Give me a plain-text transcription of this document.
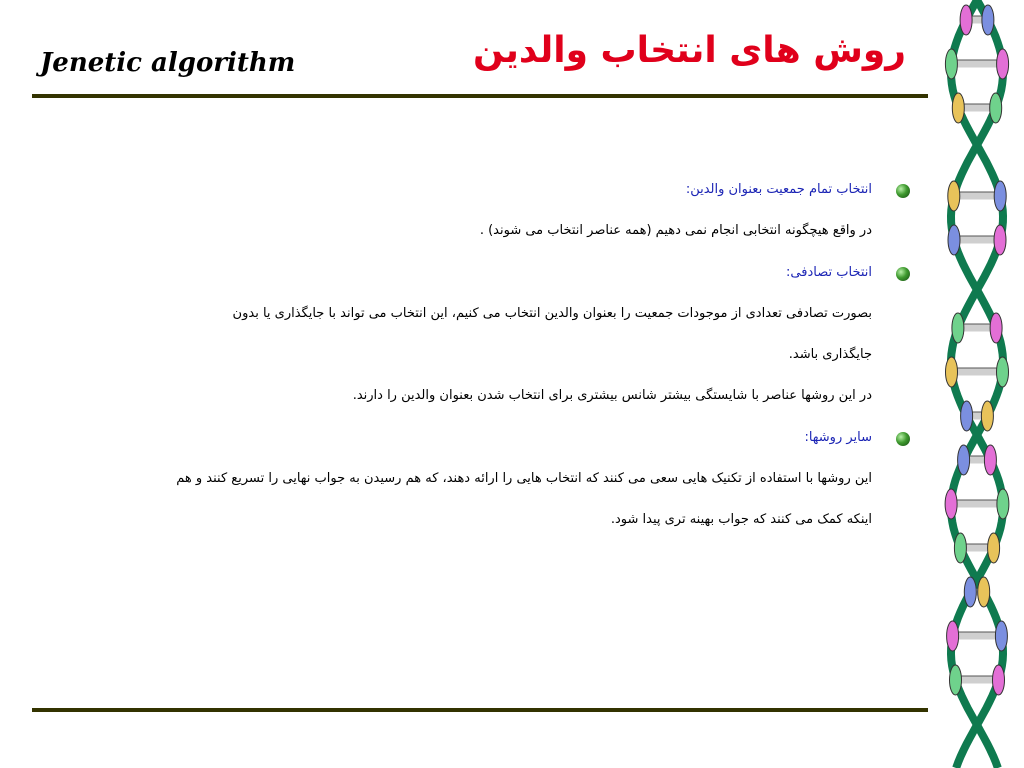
روش های انتخاب والدین
Jenetic algorithm
انتخاب تمام جمعیت بعنوان والدین:
در واقع هیچگونه انتخابی انجام نمی دهیم (همه عناصر انتخاب می شوند) .
انتخاب تصادفی:
بصورت تصادفی تعدادی از موجودات جمعیت را بعنوان والدین انتخاب می کنیم، این انتخاب می تواند با جایگذاری یا بدون
جایگذاری باشد.
در این روشها عناصر با شایستگی بیشتر شانس بیشتری برای انتخاب شدن بعنوان والدین را دارند.
سایر روشها:
این روشها با استفاده از تکنیک هایی سعی می کنند که انتخاب هایی را ارائه دهند، که هم رسیدن به جواب نهایی را تسریع کنند و هم
اینکه کمک می کنند که جواب بهینه تری پیدا شود.
